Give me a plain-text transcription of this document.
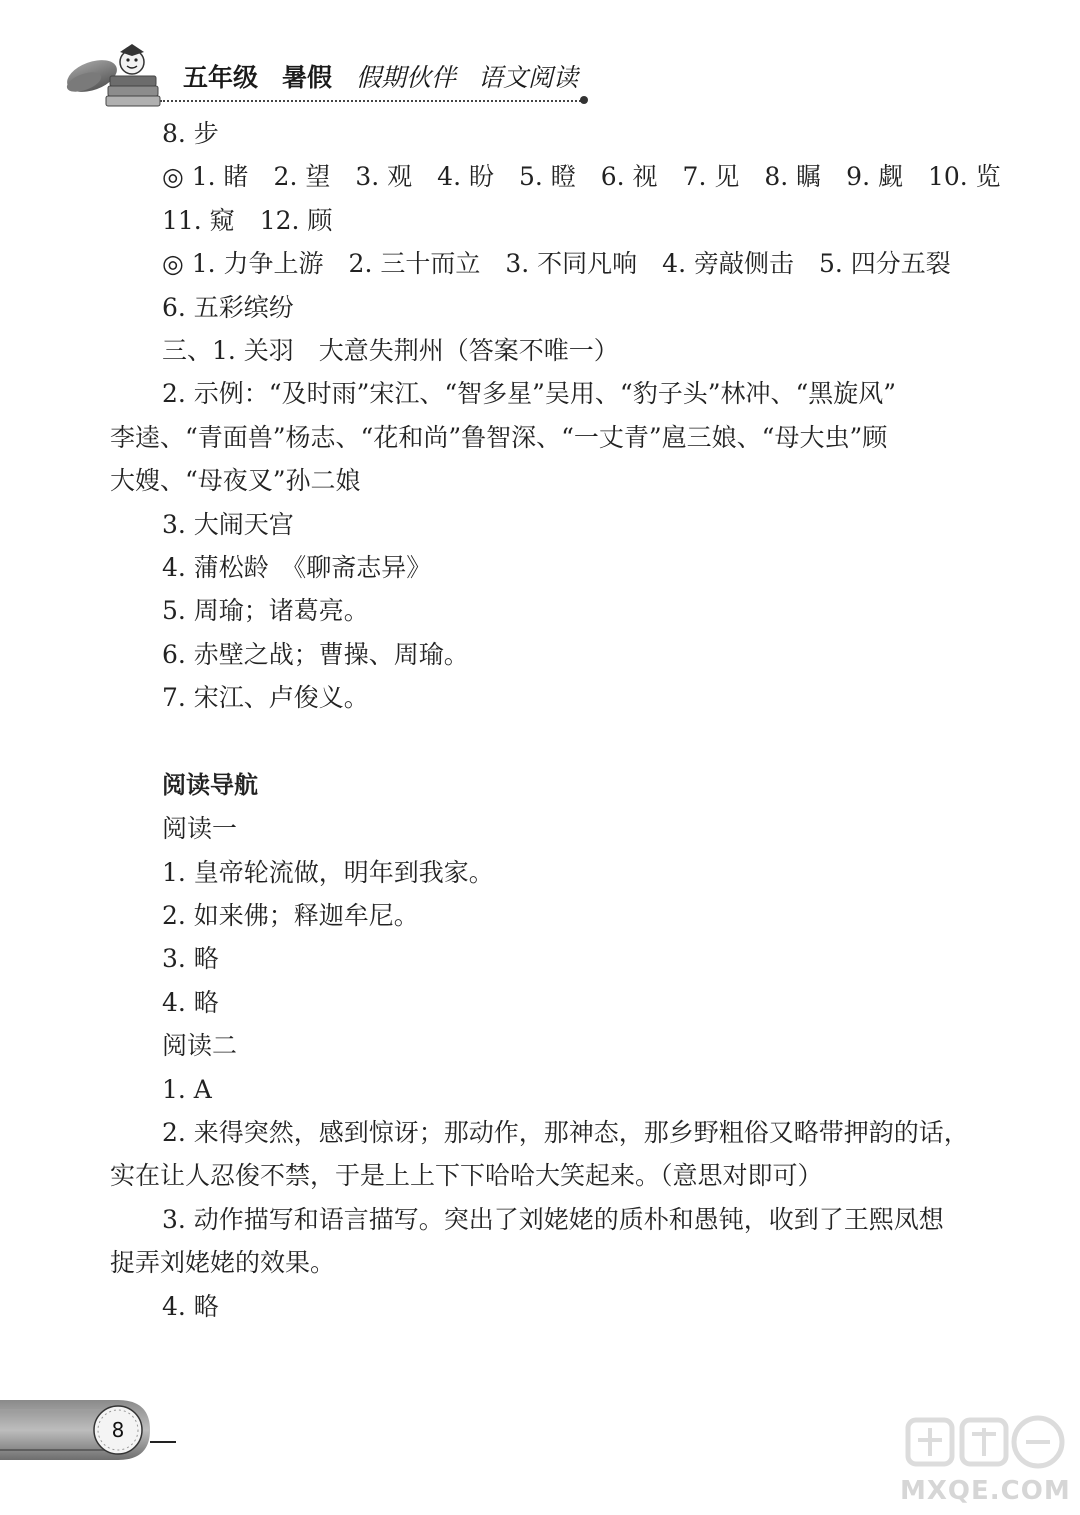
五年级 暑假 假期伙伴 语文阅读
8. 步
◎ 1. 睹　2. 望　3. 观　4. 盼　5. 瞪　6. 视　7. 见　8. 瞩　9. 觑　10. 览
11. 窥　12. 顾
◎ 1. 力争上游　2. 三十而立　3. 不同凡响　4. 旁敲侧击　5. 四分五裂
6. 五彩缤纷
三、1. 关羽　大意失荆州（答案不唯一）
2. 示例：“及时雨”宋江、“智多星”吴用、“豹子头”林冲、“黑旋风”
李逵、“青面兽”杨志、“花和尚”鲁智深、“一丈青”扈三娘、“母大虫”顾
大嫂、“母夜叉”孙二娘
3. 大闹天宫
4. 蒲松龄　《聊斋志异》
5. 周瑜；诸葛亮。
6. 赤壁之战；曹操、周瑜。
7. 宋江、卢俊义。
阅读导航
阅读一
1. 皇帝轮流做，明年到我家。
2. 如来佛；释迦牟尼。
3. 略
4. 略
阅读二
1. A
2. 来得突然，感到惊讶；那动作，那神态，那乡野粗俗又略带押韵的话，
实在让人忍俊不禁，于是上上下下哈哈大笑起来。（意思对即可）
3. 动作描写和语言描写。突出了刘姥姥的质朴和愚钝，收到了王熙凤想
捉弄刘姥姥的效果。
4. 略
8
MXQE.COM
